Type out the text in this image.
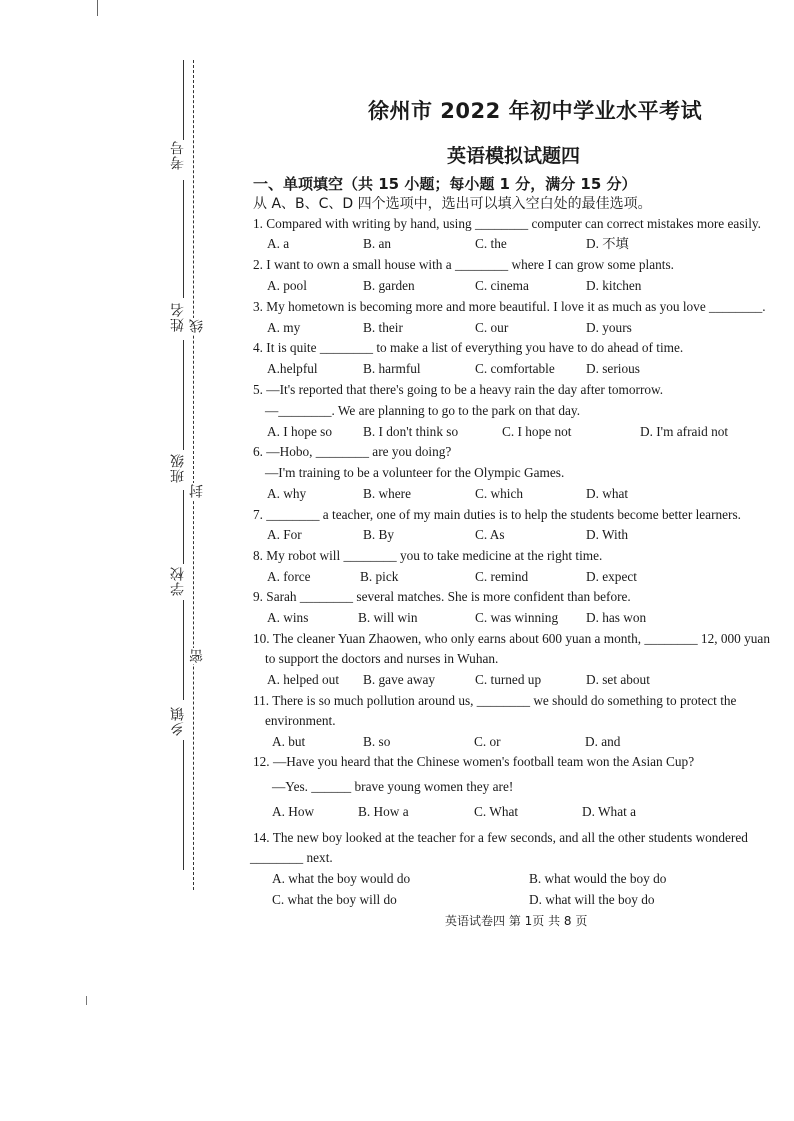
考号
姓名
班级
学校
乡镇
线
封
密
徐州市 2022 年初中学业水平考试
英语模拟试题四
一、单项填空（共 15 小题；每小题 1 分，满分 15 分）
从 A、B、C、D 四个选项中，选出可以填入空白处的最佳选项。
1. Compared with writing by hand, using ________ computer can correct mistakes more easily.
A. a	B. an	C. the	D. 不填
2. I want to own a small house with a ________ where I can grow some plants.
A. pool	B. garden	C. cinema	D. kitchen
3. My hometown is becoming more and more beautiful. I love it as much as you love ________.
A. my	B. their	C. our	D. yours
4. It is quite ________ to make a list of everything you have to do ahead of time.
A.helpful	B. harmful	C. comfortable D. serious
5. —It's reported that there's going to be a heavy rain the day after tomorrow.
—________. We are planning to go to the park on that day.
A. I hope so B. I don't think so	C. I hope not	D. I'm afraid not
6. —Hobo, ________ are you doing?
—I'm training to be a volunteer for the Olympic Games.
A. why	B. where	C. which	D. what
7. ________ a teacher, one of my main duties is to help the students become better learners.
A. For	B. By	C. As	D. With
8. My robot will ________ you to take medicine at the right time.
A. force	B. pick	C. remind	D. expect
9. Sarah ________ several matches. She is more confident than before.
A. wins	B. will win	C. was winning D. has won
10. The cleaner Yuan Zhaowen, who only earns about 600 yuan a month, ________ 12, 000 yuan
to support the doctors and nurses in Wuhan.
A. helped out B. gave away	C. turned up	D. set about
11. There is so much pollution around us, ________ we should do something to protect the
environment.
A. but	B. so	C. or	D. and
12. —Have you heard that the Chinese women's football team won the Asian Cup?
—Yes. ______ brave young women they are!
A. How	B. How a	C. What	D. What a
14. The new boy looked at the teacher for a few seconds, and all the other students wondered
________ next.
A. what the boy would do	B. what would the boy do
C. what the boy will do	D. what will the boy do
英语试卷四 第 1页 共 8 页
